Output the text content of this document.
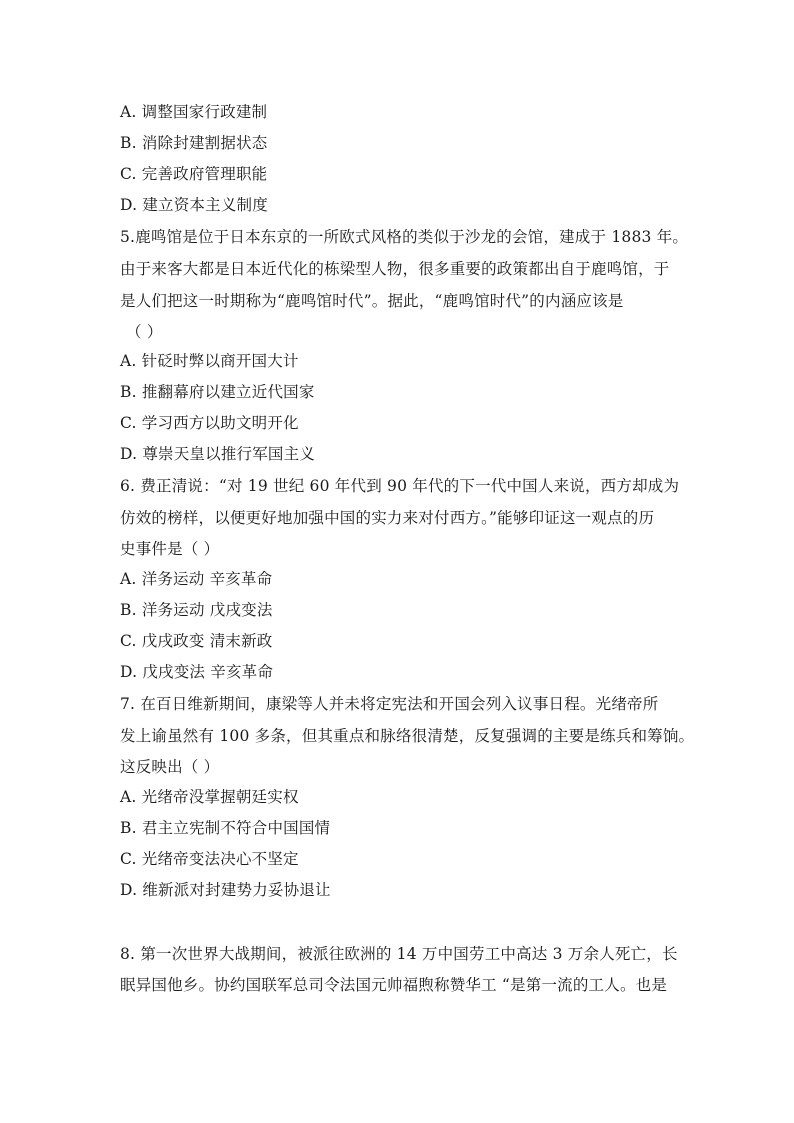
A. 调整国家行政建制
B. 消除封建割据状态
C. 完善政府管理职能
D. 建立资本主义制度
5.鹿鸣馆是位于日本东京的一所欧式风格的类似于沙龙的会馆，建成于 1883 年。
由于来客大都是日本近代化的栋梁型人物，很多重要的政策都出自于鹿鸣馆，于
是人们把这一时期称为“鹿鸣馆时代”。据此，“鹿鸣馆时代”的内涵应该是
（ ）
A. 针砭时弊以商开国大计
B. 推翻幕府以建立近代国家
C. 学习西方以助文明开化
D. 尊崇天皇以推行军国主义
6. 费正清说：“对 19 世纪 60 年代到 90 年代的下一代中国人来说，西方却成为
仿效的榜样，以便更好地加强中国的实力来对付西方。”能够印证这一观点的历
史事件是（ ）
A. 洋务运动 辛亥革命
B. 洋务运动 戊戌变法
C. 戊戌政变 清末新政
D. 戊戌变法 辛亥革命
7. 在百日维新期间，康梁等人并未将定宪法和开国会列入议事日程。光绪帝所
发上谕虽然有 100 多条，但其重点和脉络很清楚，反复强调的主要是练兵和筹饷。
这反映出（ ）
A. 光绪帝没掌握朝廷实权
B. 君主立宪制不符合中国国情
C. 光绪帝变法决心不坚定
D. 维新派对封建势力妥协退让
8. 第一次世界大战期间，被派往欧洲的 14 万中国劳工中高达 3 万余人死亡，长
眠异国他乡。协约国联军总司令法国元帅福煦称赞华工 “是第一流的工人。也是
